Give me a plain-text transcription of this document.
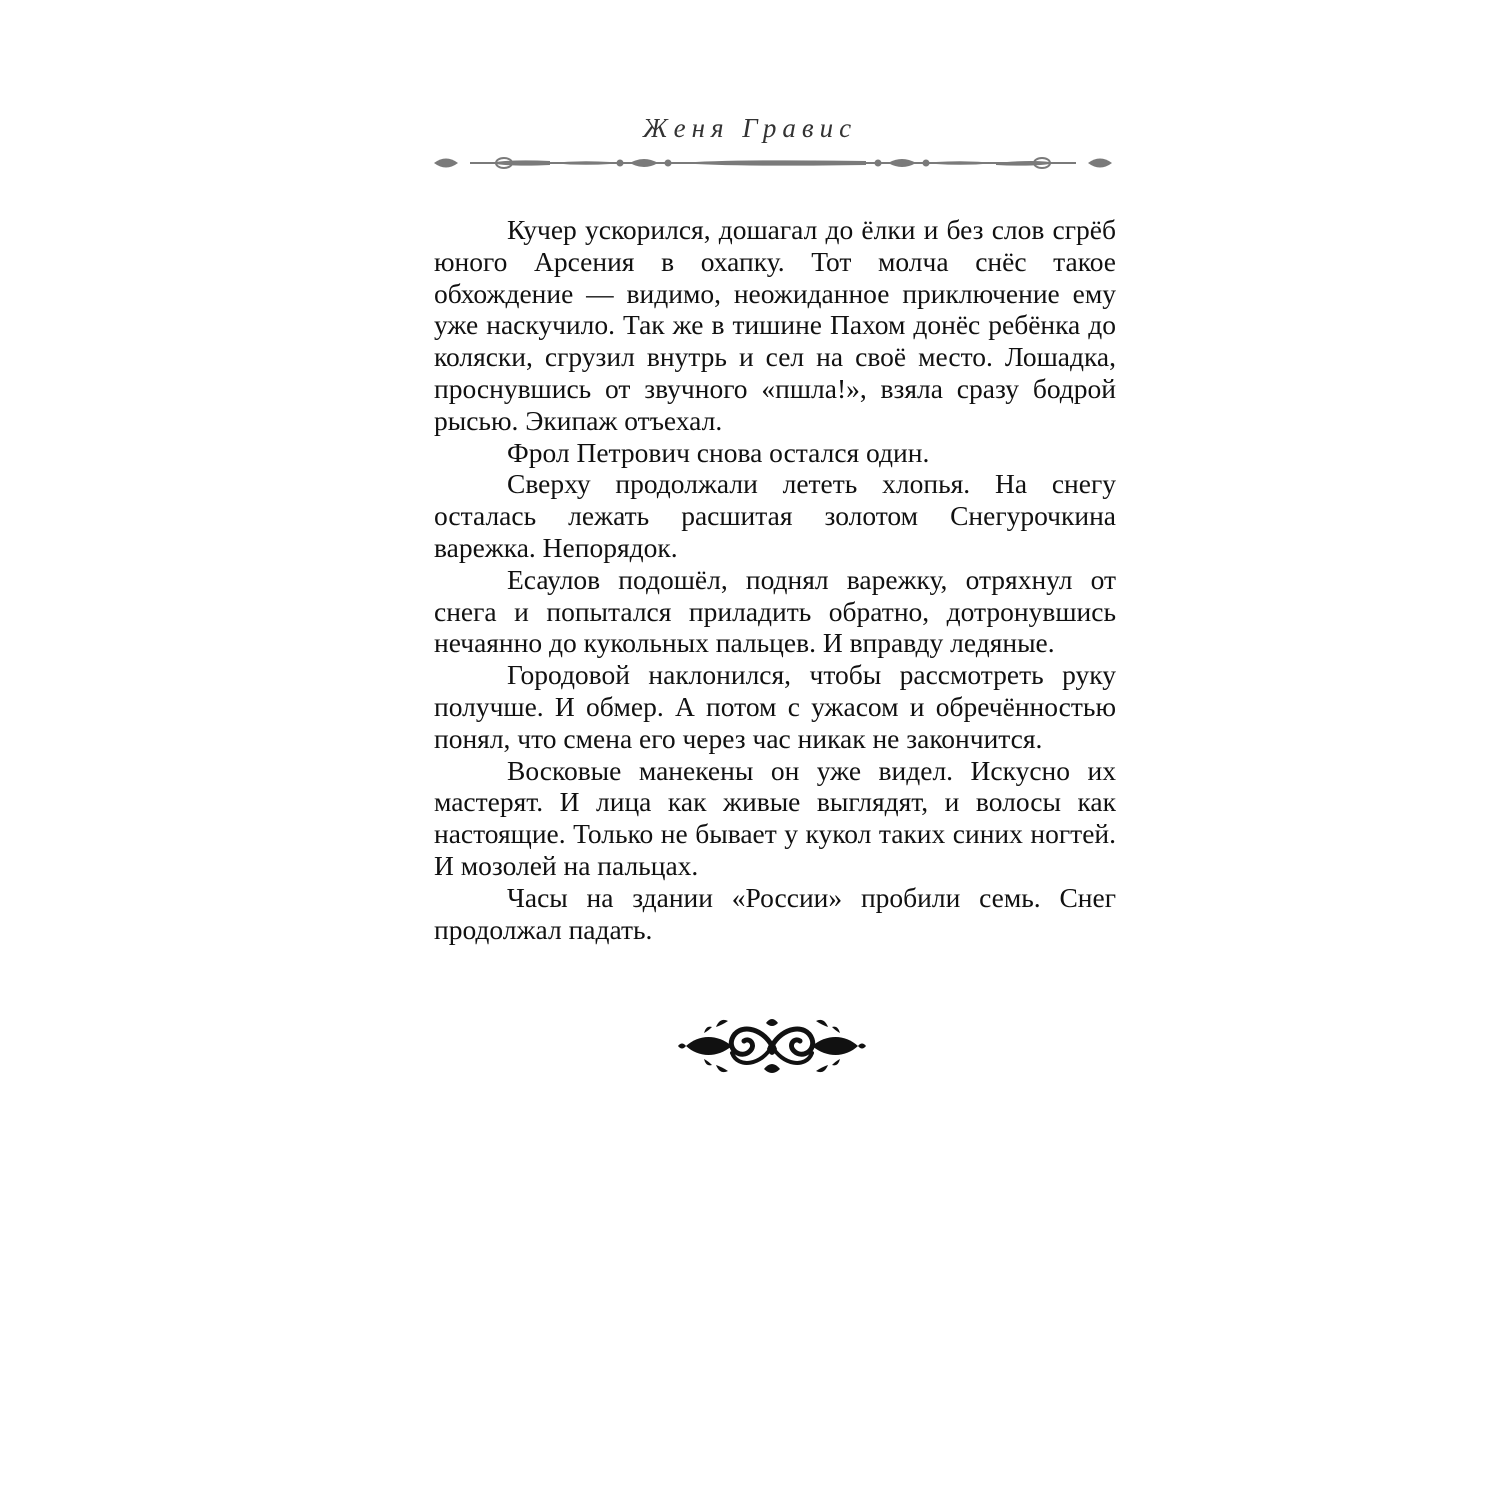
Женя Гравис

Кучер ускорился, дошагал до ёлки и без слов сгрёб юного Арсения в охапку. Тот молча снёс такое обхождение — видимо, неожиданное приключение ему уже наскучило. Так же в тишине Пахом донёс ребёнка до коляски, сгрузил внутрь и сел на своё место. Лошадка, проснувшись от звучного «пшла!», взяла сразу бодрой рысью. Экипаж отъехал.

Фрол Петрович снова остался один.

Сверху продолжали лететь хлопья. На снегу осталась лежать расшитая золотом Снегурочкина варежка. Непорядок.

Есаулов подошёл, поднял варежку, отряхнул от снега и попытался приладить обратно, дотронувшись нечаянно до кукольных пальцев. И вправду ледяные.

Городовой наклонился, чтобы рассмотреть руку получше. И обмер. А потом с ужасом и обречённостью понял, что смена его через час никак не закончится.

Восковые манекены он уже видел. Искусно их мастерят. И лица как живые выглядят, и волосы как настоящие. Только не бывает у кукол таких синих ногтей. И мозолей на пальцах.

Часы на здании «России» пробили семь. Снег продолжал падать.
